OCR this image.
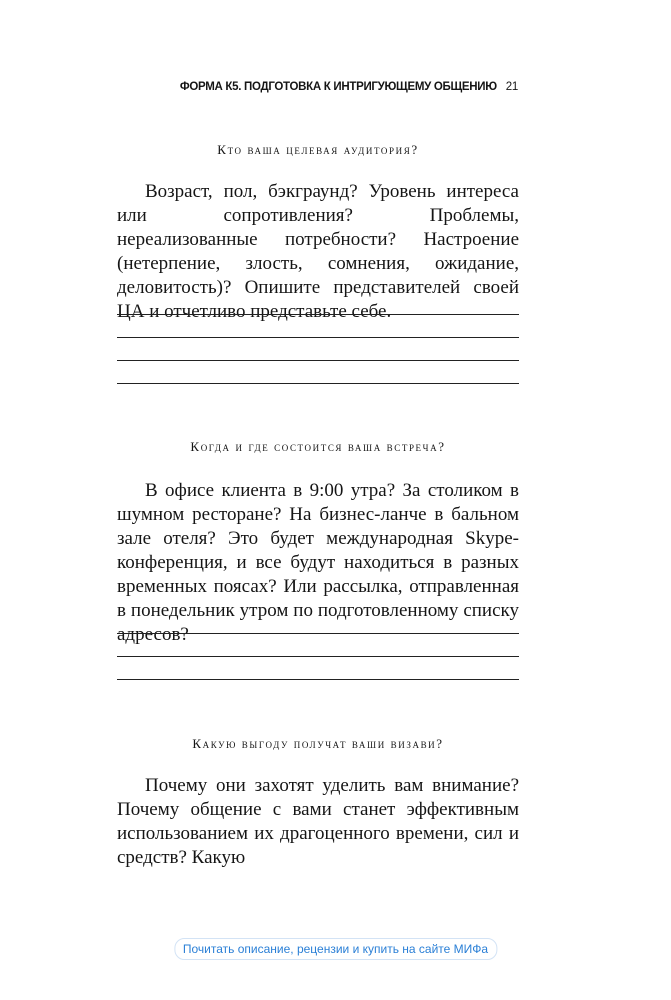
ФОРМА К5. ПОДГОТОВКА К ИНТРИГУЮЩЕМУ ОБЩЕНИЮ 21
Кто ваша целевая аудитория?

Возраст, пол, бэкграунд? Уровень интереса или сопротивления? Проблемы, нереализованные потребности? Настроение (нетерпение, злость, сомнения, ожидание, деловитость)? Опишите представителей своей ЦА и отчетливо представьте себе.

Когда и где состоится ваша встреча?

В офисе клиента в 9:00 утра? За столиком в шумном ресторане? На бизнес-ланче в бальном зале отеля? Это будет международная Skype-конференция, и все будут находиться в разных временных поясах? Или рассылка, отправленная в понедельник утром по подготовленному списку адресов?

Какую выгоду получат ваши визави?

Почему они захотят уделить вам внимание? Почему общение с вами станет эффективным использованием их драгоценного времени, сил и средств? Какую

Почитать описание, рецензии и купить на сайте МИФа
